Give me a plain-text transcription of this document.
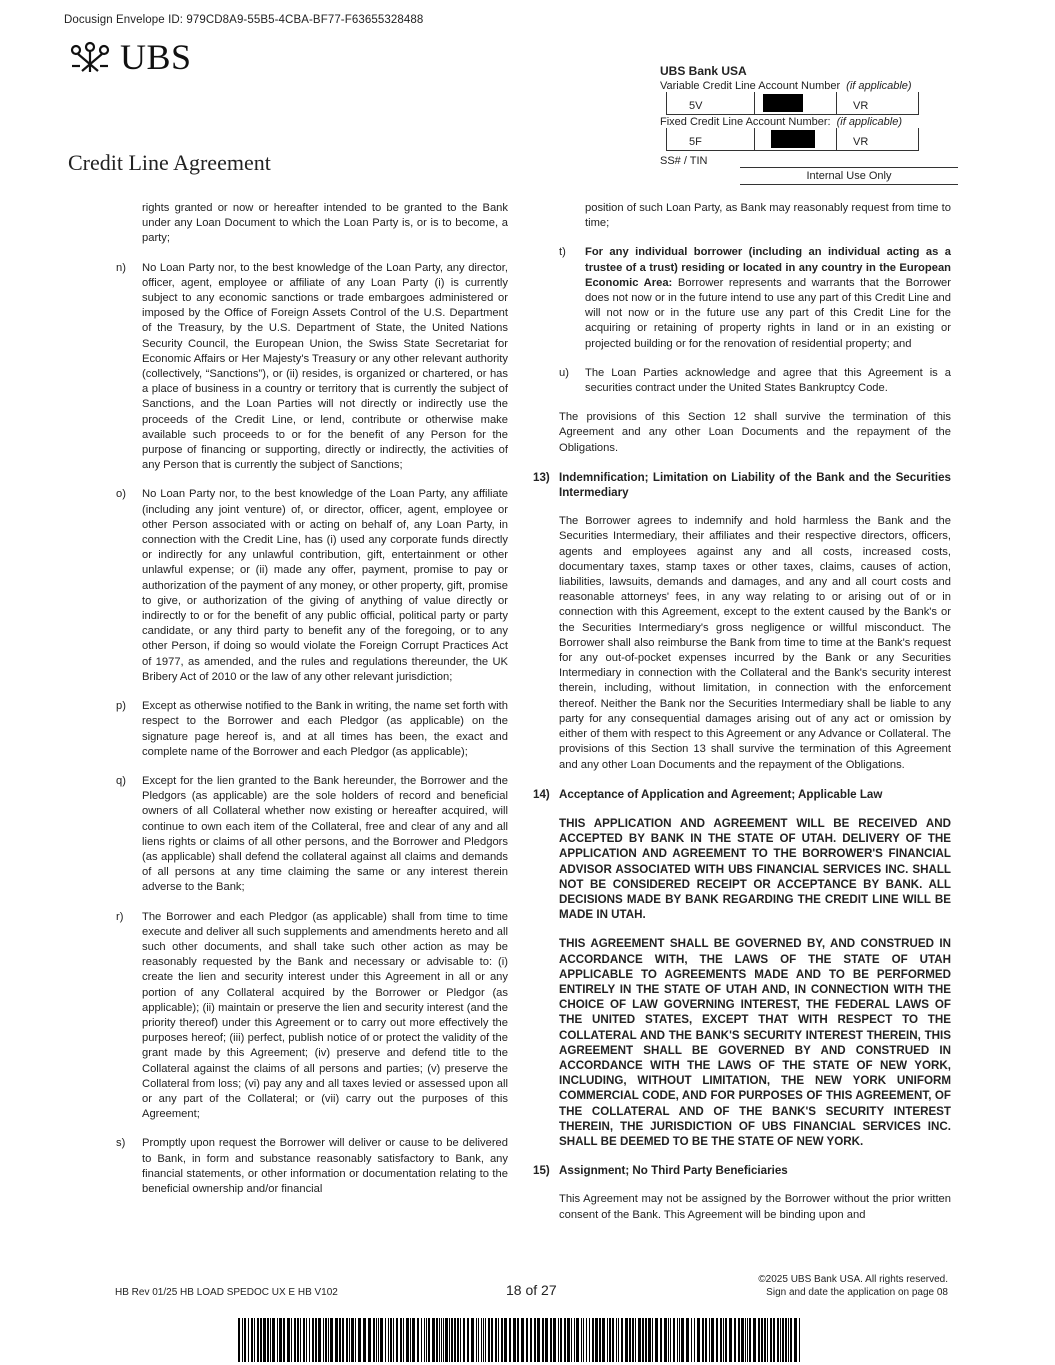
Docusign Envelope ID: 979CD8A9-55B5-4CBA-BF77-F63655328488
UBS
Credit Line Agreement
UBS Bank USA
Variable Credit Line Account Number (if applicable)
5V	VR
Fixed Credit Line Account Number: (if applicable)
5F	VR
SS# / TIN
Internal Use Only
rights granted or now or hereafter intended to be granted to the Bank under any Loan Document to which the Loan Party is, or is to become, a party;
n)	No Loan Party nor, to the best knowledge of the Loan Party, any director, officer, agent, employee or affiliate of any Loan Party (i) is currently subject to any economic sanctions or trade embargoes administered or imposed by the Office of Foreign Assets Control of the U.S. Department of the Treasury, by the U.S. Department of State, the United Nations Security Council, the European Union, the Swiss State Secretariat for Economic Affairs or Her Majesty's Treasury or any other relevant authority (collectively, “Sanctions”), or (ii) resides, is organized or chartered, or has a place of business in a country or territory that is currently the subject of Sanctions, and the Loan Parties will not directly or indirectly use the proceeds of the Credit Line, or lend, contribute or otherwise make available such proceeds to or for the benefit of any Person for the purpose of financing or supporting, directly or indirectly, the activities of any Person that is currently the subject of Sanctions;
o)	No Loan Party nor, to the best knowledge of the Loan Party, any affiliate (including any joint venture) of, or director, officer, agent, employee or other Person associated with or acting on behalf of, any Loan Party, in connection with the Credit Line, has (i) used any corporate funds directly or indirectly for any unlawful contribution, gift, entertainment or other unlawful expense; or (ii) made any offer, payment, promise to pay or authorization of the payment of any money, or other property, gift, promise to give, or authorization of the giving of anything of value directly or indirectly to or for the benefit of any public official, political party or party candidate, or any third party to benefit any of the foregoing, or to any other Person, if doing so would violate the Foreign Corrupt Practices Act of 1977, as amended, and the rules and regulations thereunder, the UK Bribery Act of 2010 or the law of any other relevant jurisdiction;
p)	Except as otherwise notified to the Bank in writing, the name set forth with respect to the Borrower and each Pledgor (as applicable) on the signature page hereof is, and at all times has been, the exact and complete name of the Borrower and each Pledgor (as applicable);
q)	Except for the lien granted to the Bank hereunder, the Borrower and the Pledgors (as applicable) are the sole holders of record and beneficial owners of all Collateral whether now existing or hereafter acquired, will continue to own each item of the Collateral, free and clear of any and all liens rights or claims of all other persons, and the Borrower and Pledgors (as applicable) shall defend the collateral against all claims and demands of all persons at any time claiming the same or any interest therein adverse to the Bank;
r)	The Borrower and each Pledgor (as applicable) shall from time to time execute and deliver all such supplements and amendments hereto and all such other documents, and shall take such other action as may be reasonably requested by the Bank and necessary or advisable to: (i) create the lien and security interest under this Agreement in all or any portion of any Collateral acquired by the Borrower or Pledgor (as applicable); (ii) maintain or preserve the lien and security interest (and the priority thereof) under this Agreement or to carry out more effectively the purposes hereof; (iii) perfect, publish notice of or protect the validity of the grant made by this Agreement; (iv) preserve and defend title to the Collateral against the claims of all persons and parties; (v) preserve the Collateral from loss; (vi) pay any and all taxes levied or assessed upon all or any part of the Collateral; or (vii) carry out the purposes of this Agreement;
s)	Promptly upon request the Borrower will deliver or cause to be delivered to Bank, in form and substance reasonably satisfactory to Bank, any financial statements, or other information or documentation relating to the beneficial ownership and/or financial
position of such Loan Party, as Bank may reasonably request from time to time;
t)	For any individual borrower (including an individual acting as a trustee of a trust) residing or located in any country in the European Economic Area: Borrower represents and warrants that the Borrower does not now or in the future intend to use any part of this Credit Line and will not now or in the future use any part of this Credit Line for the acquiring or retaining of property rights in land or in an existing or projected building or for the renovation of residential property; and
u)	The Loan Parties acknowledge and agree that this Agreement is a securities contract under the United States Bankruptcy Code.
The provisions of this Section 12 shall survive the termination of this Agreement and any other Loan Documents and the repayment of the Obligations.
13) Indemnification; Limitation on Liability of the Bank and the Securities Intermediary
The Borrower agrees to indemnify and hold harmless the Bank and the Securities Intermediary, their affiliates and their respective directors, officers, agents and employees against any and all costs, increased costs, documentary taxes, stamp taxes or other taxes, claims, causes of action, liabilities, lawsuits, demands and damages, and any and all court costs and reasonable attorneys' fees, in any way relating to or arising out of or in connection with this Agreement, except to the extent caused by the Bank's or the Securities Intermediary's gross negligence or willful misconduct. The Borrower shall also reimburse the Bank from time to time at the Bank's request for any out-of-pocket expenses incurred by the Bank or any Securities Intermediary in connection with the Collateral and the Bank's security interest therein, including, without limitation, in connection with the enforcement thereof. Neither the Bank nor the Securities Intermediary shall be liable to any party for any consequential damages arising out of any act or omission by either of them with respect to this Agreement or any Advance or Collateral. The provisions of this Section 13 shall survive the termination of this Agreement and any other Loan Documents and the repayment of the Obligations.
14) Acceptance of Application and Agreement; Applicable Law
THIS APPLICATION AND AGREEMENT WILL BE RECEIVED AND ACCEPTED BY BANK IN THE STATE OF UTAH. DELIVERY OF THE APPLICATION AND AGREEMENT TO THE BORROWER'S FINANCIAL ADVISOR ASSOCIATED WITH UBS FINANCIAL SERVICES INC. SHALL NOT BE CONSIDERED RECEIPT OR ACCEPTANCE BY BANK. ALL DECISIONS MADE BY BANK REGARDING THE CREDIT LINE WILL BE MADE IN UTAH.
THIS AGREEMENT SHALL BE GOVERNED BY, AND CONSTRUED IN ACCORDANCE WITH, THE LAWS OF THE STATE OF UTAH APPLICABLE TO AGREEMENTS MADE AND TO BE PERFORMED ENTIRELY IN THE STATE OF UTAH AND, IN CONNECTION WITH THE CHOICE OF LAW GOVERNING INTEREST, THE FEDERAL LAWS OF THE UNITED STATES, EXCEPT THAT WITH RESPECT TO THE COLLATERAL AND THE BANK'S SECURITY INTEREST THEREIN, THIS AGREEMENT SHALL BE GOVERNED BY AND CONSTRUED IN ACCORDANCE WITH THE LAWS OF THE STATE OF NEW YORK, INCLUDING, WITHOUT LIMITATION, THE NEW YORK UNIFORM COMMERCIAL CODE, AND FOR PURPOSES OF THIS AGREEMENT, OF THE COLLATERAL AND OF THE BANK'S SECURITY INTEREST THEREIN, THE JURISDICTION OF UBS FINANCIAL SERVICES INC. SHALL BE DEEMED TO BE THE STATE OF NEW YORK.
15) Assignment; No Third Party Beneficiaries
This Agreement may not be assigned by the Borrower without the prior written consent of the Bank. This Agreement will be binding upon and
HB Rev 01/25 HB LOAD SPEDOC UX E HB V102	18 of 27
©2025 UBS Bank USA. All rights reserved.
Sign and date the application on page 08
